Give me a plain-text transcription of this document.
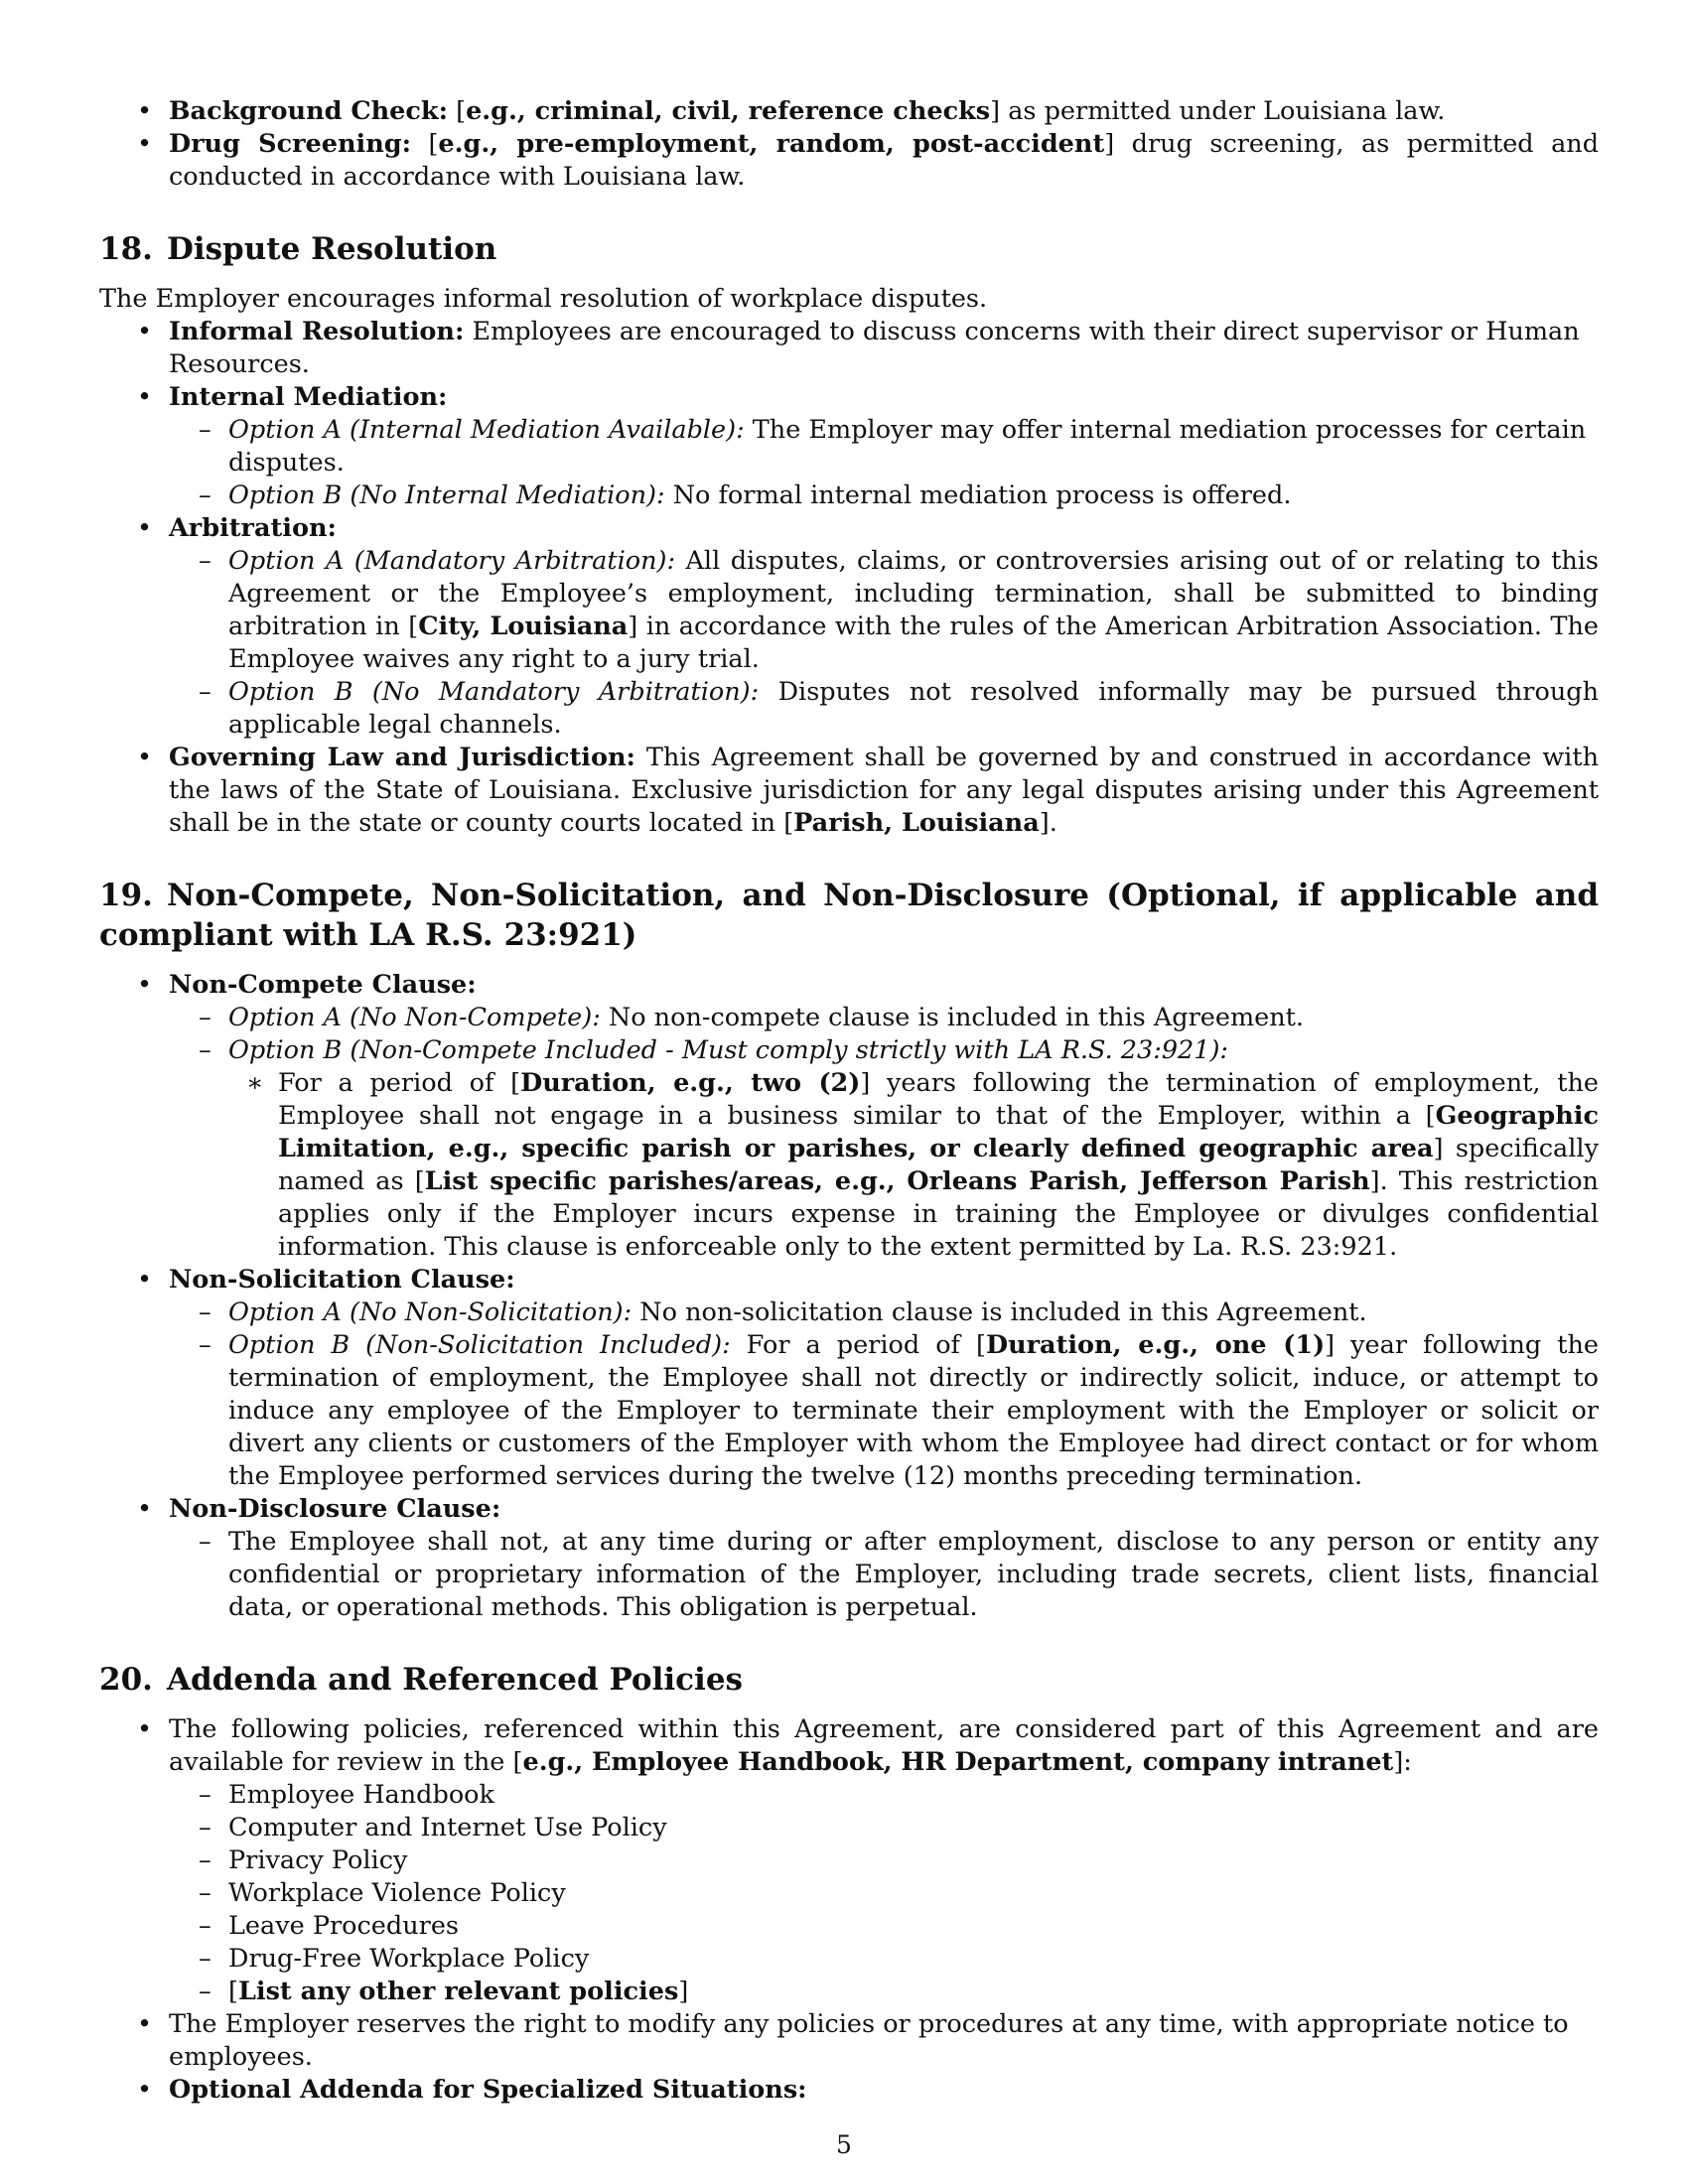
• Background Check: [e.g., criminal, civil, reference checks] as permitted under Louisiana law.
• Drug Screening: [e.g., pre-employment, random, post-accident] drug screening, as permitted and conducted in accordance with Louisiana law.
18. Dispute Resolution

The Employer encourages informal resolution of workplace disputes.

• Informal Resolution: Employees are encouraged to discuss concerns with their direct supervisor or Human Resources.
• Internal Mediation:
– Option A (Internal Mediation Available): The Employer may offer internal mediation processes for certain disputes.
– Option B (No Internal Mediation): No formal internal mediation process is offered.
• Arbitration:
– Option A (Mandatory Arbitration): All disputes, claims, or controversies arising out of or relating to this Agreement or the Employee’s employment, including termination, shall be submitted to binding arbitration in [City, Louisiana] in accordance with the rules of the American Arbitration Association. The Employee waives any right to a jury trial.
– Option B (No Mandatory Arbitration): Disputes not resolved informally may be pursued through applicable legal channels.
• Governing Law and Jurisdiction: This Agreement shall be governed by and construed in accordance with the laws of the State of Louisiana. Exclusive jurisdiction for any legal disputes arising under this Agreement shall be in the state or county courts located in [Parish, Louisiana].
19. Non-Compete, Non-Solicitation, and Non-Disclosure (Optional, if applicable and compliant with LA R.S. 23:921)
• Non-Compete Clause:
– Option A (No Non-Compete): No non-compete clause is included in this Agreement.
– Option B (Non-Compete Included - Must comply strictly with LA R.S. 23:921):
∗ For a period of [Duration, e.g., two (2)] years following the termination of employment, the Employee shall not engage in a business similar to that of the Employer, within a [Geographic Limitation, e.g., specific parish or parishes, or clearly defined geographic area] specifically named as [List specific parishes/areas, e.g., Orleans Parish, Jefferson Parish]. This restriction applies only if the Employer incurs expense in training the Employee or divulges confidential information. This clause is enforceable only to the extent permitted by La. R.S. 23:921.
• Non-Solicitation Clause:
– Option A (No Non-Solicitation): No non-solicitation clause is included in this Agreement.
– Option B (Non-Solicitation Included): For a period of [Duration, e.g., one (1)] year following the termination of employment, the Employee shall not directly or indirectly solicit, induce, or attempt to induce any employee of the Employer to terminate their employment with the Employer or solicit or divert any clients or customers of the Employer with whom the Employee had direct contact or for whom the Employee performed services during the twelve (12) months preceding termination.
• Non-Disclosure Clause:
– The Employee shall not, at any time during or after employment, disclose to any person or entity any confidential or proprietary information of the Employer, including trade secrets, client lists, financial data, or operational methods. This obligation is perpetual.
20. Addenda and Referenced Policies
• The following policies, referenced within this Agreement, are considered part of this Agreement and are available for review in the [e.g., Employee Handbook, HR Department, company intranet]:
– Employee Handbook
– Computer and Internet Use Policy
– Privacy Policy
– Workplace Violence Policy
– Leave Procedures
– Drug-Free Workplace Policy
– [List any other relevant policies]
• The Employer reserves the right to modify any policies or procedures at any time, with appropriate notice to employees.
• Optional Addenda for Specialized Situations:
5
